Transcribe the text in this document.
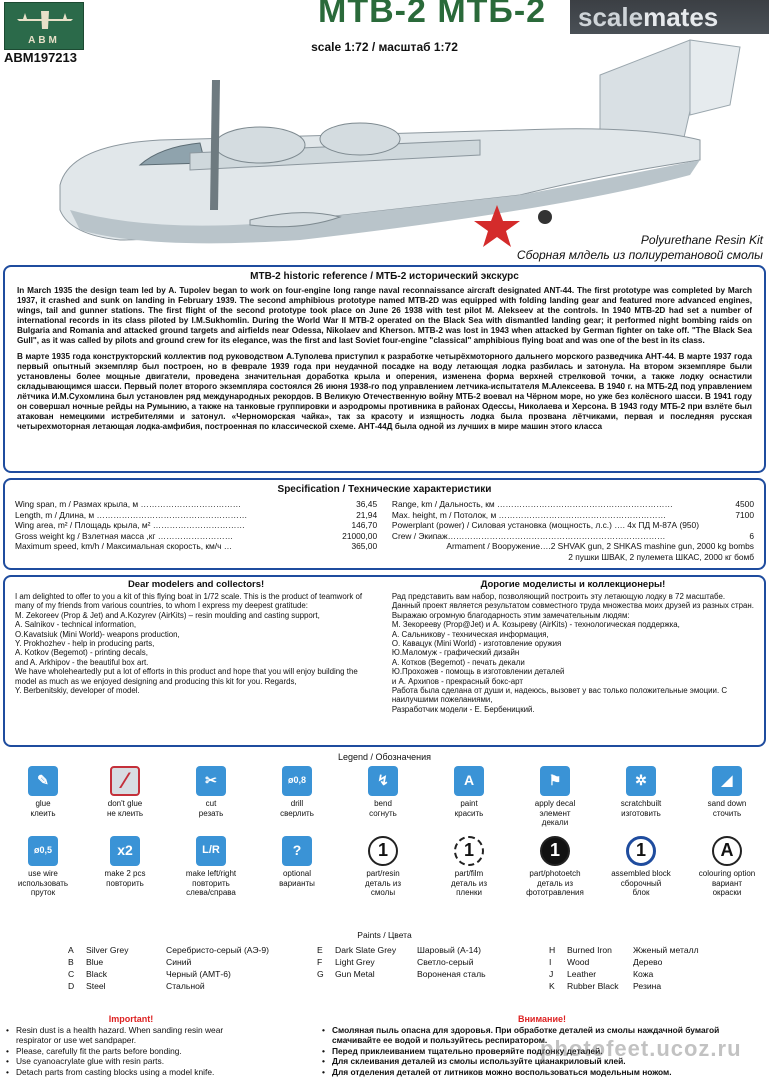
ABM
ABM197213
МТВ-2 МТБ-2	scalemates
scale 1:72 / масштаб 1:72
Polyurethane Resin Kit
Сборная млдель из полиуретановой смолы
MTB-2 historic reference / МТБ-2 исторический экскурс

In March 1935 the design team led by A. Tupolev began to work on four-engine long range naval reconnaissance aircraft designated ANT-44. The first prototype was completed by March 1937, it crashed and sunk on landing in February 1939. The second amphibious prototype named MTB-2D was equipped with folding landing gear and featured more advanced engines, wings, tail and gunner stations. The first flight of the second prototype took place on June 26 1938 with test pilot M. Alekseev at the controls. In 1940 MTB-2D had set a number of international records in its class piloted by I.M.Sukhomlin. During the World War II MTB-2 operated on the Black Sea with dismantled landing gear; it performed night bombing raids on Bulgaria and Romania and attacked ground targets and airfields near Odessa, Nikolaev and Kherson. MTB-2 was lost in 1943 when attacked by German fighter on take off. "The Black Sea Gull", as it was called by pilots and ground crew for its elegance, was the first and last Soviet four-engine "classical" amphibious flying boat and was one of the best in its class.

В марте 1935 года конструкторский коллектив под руководством А.Туполева приступил к разработке четырёхмоторного дальнего морского разведчика АНТ-44. В марте 1937 года первый опытный экземпляр был построен, но в феврале 1939 года при неудачной посадке на воду летающая лодка разбилась и затонула. На втором экземпляре были установлены более мощные двигатели, проведена значительная доработка крыла и оперения, изменена форма верхней стрелковой точки, а также лодку оснастили складывающимся шасси. Первый полет второго экземпляра состоялся 26 июня 1938-го под управлением летчика-испытателя М.Алексеева. В 1940 г. на МТБ-2Д под управлением лётчика И.М.Сухомлина был установлен ряд международных рекордов. В Великую Отечественную войну МТБ-2 воевал на Чёрном море, но уже без колёсного шасси. В 1941 году он совершал ночные рейды на Румынию, а также на танковые группировки и аэродромы противника в районах Одессы, Николаева и Херсона. В 1943 году МТБ-2 при взлёте был атакован немецкими истребителями и затонул. «Черноморская чайка», так за красоту и изящность лодка была прозвана лётчиками, первая и последняя русская четырехмоторная летающая лодка-амфибия, построенная по классической схеме. АНТ-44Д была одной из лучших в мире машин этого класса

Specification / Технические характеристики
Wing span, m / Размах крыла, м ………………………………	36,45
Length, m / Длина, м ………………………………………………	21,94
Wing area, m² / Площадь крыла, м² ……………………………	146,70
Gross weight kg / Взлетная масса ,кг ………………………	21000,00
Maximum speed, km/h / Максимальная скорость, км/ч …	365,00
Range, km / Дальность, км ………………………………………………………	4500
Max. height, m / Потолок, м ……………………………………………………	7100
Powerplant (power) / Силовая установка (мощность, л.с.) …. 4х ПД М-87А (950)
Crew / Экипаж……………………………………………………………………	6
Armament / Вооружение….2 SHVAK gun, 2 SHKAS mashine gun, 2000 kg bombs
2 пушки ШВАК, 2 пулемета ШКАС, 2000 кг бомб
Dear modelers and collectors!

I am delighted to offer to you a kit of this flying boat in 1/72 scale. This is the product of teamwork of many of my friends from various countries, to whom I express my deepest gratitude:
M. Zekoreev (Prop & Jet) and A.Kozyrev (AirKits) – resin moulding and casting support,
A. Salnikov - technical information,
O.Kavatsiuk (Mini World)- weapons production,
Y. Prokhozhev - help in producing parts,
A. Kotkov (Begemot) - printing decals,
and A. Arkhipov - the beautiful box art.
We have wholeheartedly put a lot of efforts in this product and hope that you will enjoy building the model as much as we enjoyed designing and producing this kit for you. Regards,
Y. Berbenitskiy, developer of model.

Дорогие моделисты и коллекционеры!

Рад представить вам набор, позволяющий построить эту летающую лодку в 72 масштабе. Данный проект является результатом совместного труда множества моих друзей из разных стран. Выражаю огромную благодарность этим замечательным людям:
М. Зекорееву (Prop@Jet) и А. Козыреву (AirKits) - технологическая поддержка,
А. Сальникову - техническая информация,
О. Кавацук (Mini World) - изготовление оружия
Ю.Маломуж - графический дизайн
А. Котков (Begemot) - печать декали
Ю.Прохожев - помощь в изготовлении деталей
и А. Архипов - прекрасный бокс-арт
Работа была сделана от души и, надеюсь, вызовет у вас только положительные эмоции. С наилучшими пожеланиями,
Разработчик модели - Е. Бербеницкий.

Legend / Обозначения
✎
glue
клеить
⁄
don't glue
не клеить
✂
cut
резать
ø0,8
drill
сверлить
↯
bend
согнуть
A
paint
красить
⚑
apply decal
элемент
декали
✲
scratchbuilt
изготовить
◢
sand down
сточить
ø0,5
use wire
использовать
пруток
x2
make 2 pcs
повторить
L/R
make left/right
повторить
слева/справа
?
optional
варианты
1
part/resin
деталь из
смолы
1
part/film
деталь из
пленки
1
part/photoetch
деталь из
фототравления
1
assembled block
сборочный
блок
A
colouring option
вариант
окраски
Paints / Цвета
A	Silver Grey	Серебристо-серый (АЭ-9)
B	Blue	Синий
C	Black	Черный (АМТ-6)
D	Steel	Стальной
E	Dark Slate Grey	Шаровый (А-14)
F	Light Grey	Светло-серый
G	Gun Metal	Вороненая сталь
H	Burned Iron	Жженый металл
I	Wood	Дерево
J	Leather	Кожа
K	Rubber Black	Резина
Important!
• Resin dust is a health hazard. When sanding resin wear respirator or use wet sandpaper.
• Please, carefully fit the parts before bonding.
• Use cyanoacrylate glue with resin parts.
• Detach parts from casting blocks using a model knife.
Внимание!
• Смоляная пыль опасна для здоровья. При обработке деталей из смолы наждачной бумагой смачивайте ее водой и пользуйтесь респиратором.
• Перед приклеиванием тщательно проверяйте подгонку деталей.
• Для склеивания деталей из смолы используйте цианакриловый клей.
• Для отделения деталей от литников можно воспользоваться модельным ножом.
photofeet.ucoz.ru
